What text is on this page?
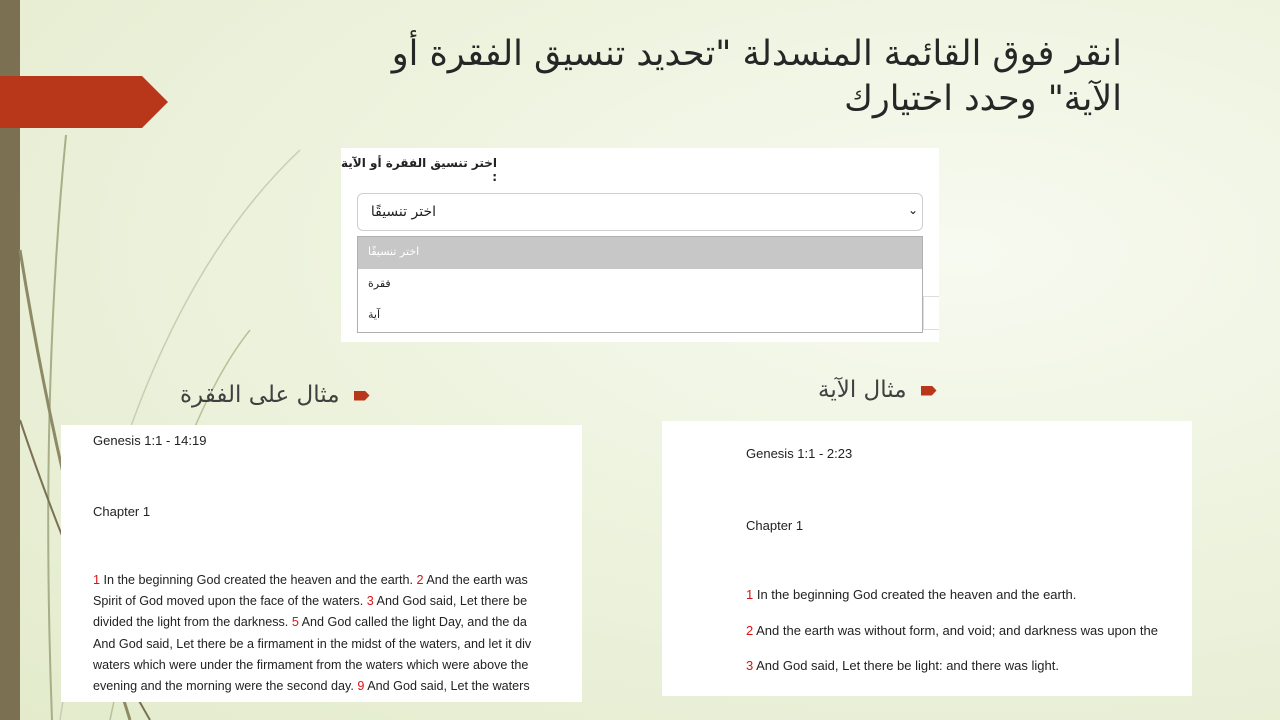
انقر فوق القائمة المنسدلة "تحديد تنسيق الفقرة أو
الآية" وحدد اختيارك
اختر تنسيق الفقرة أو الآية :
اختر تنسيقًا	⌄
اختر تنسيقًا
فقرة
آية
مثال على الفقرة	مثال الآية
Genesis 1:1 - 14:19
Chapter 1
1 In the beginning God created the heaven and the earth. 2 And the earth was
Spirit of God moved upon the face of the waters. 3 And God said, Let there be
divided the light from the darkness. 5 And God called the light Day, and the da
And God said, Let there be a firmament in the midst of the waters, and let it div
waters which were under the firmament from the waters which were above the
evening and the morning were the second day. 9 And God said, Let the waters
Genesis 1:1 - 2:23
Chapter 1
1 In the beginning God created the heaven and the earth.
2 And the earth was without form, and void; and darkness was upon the
3 And God said, Let there be light: and there was light.
